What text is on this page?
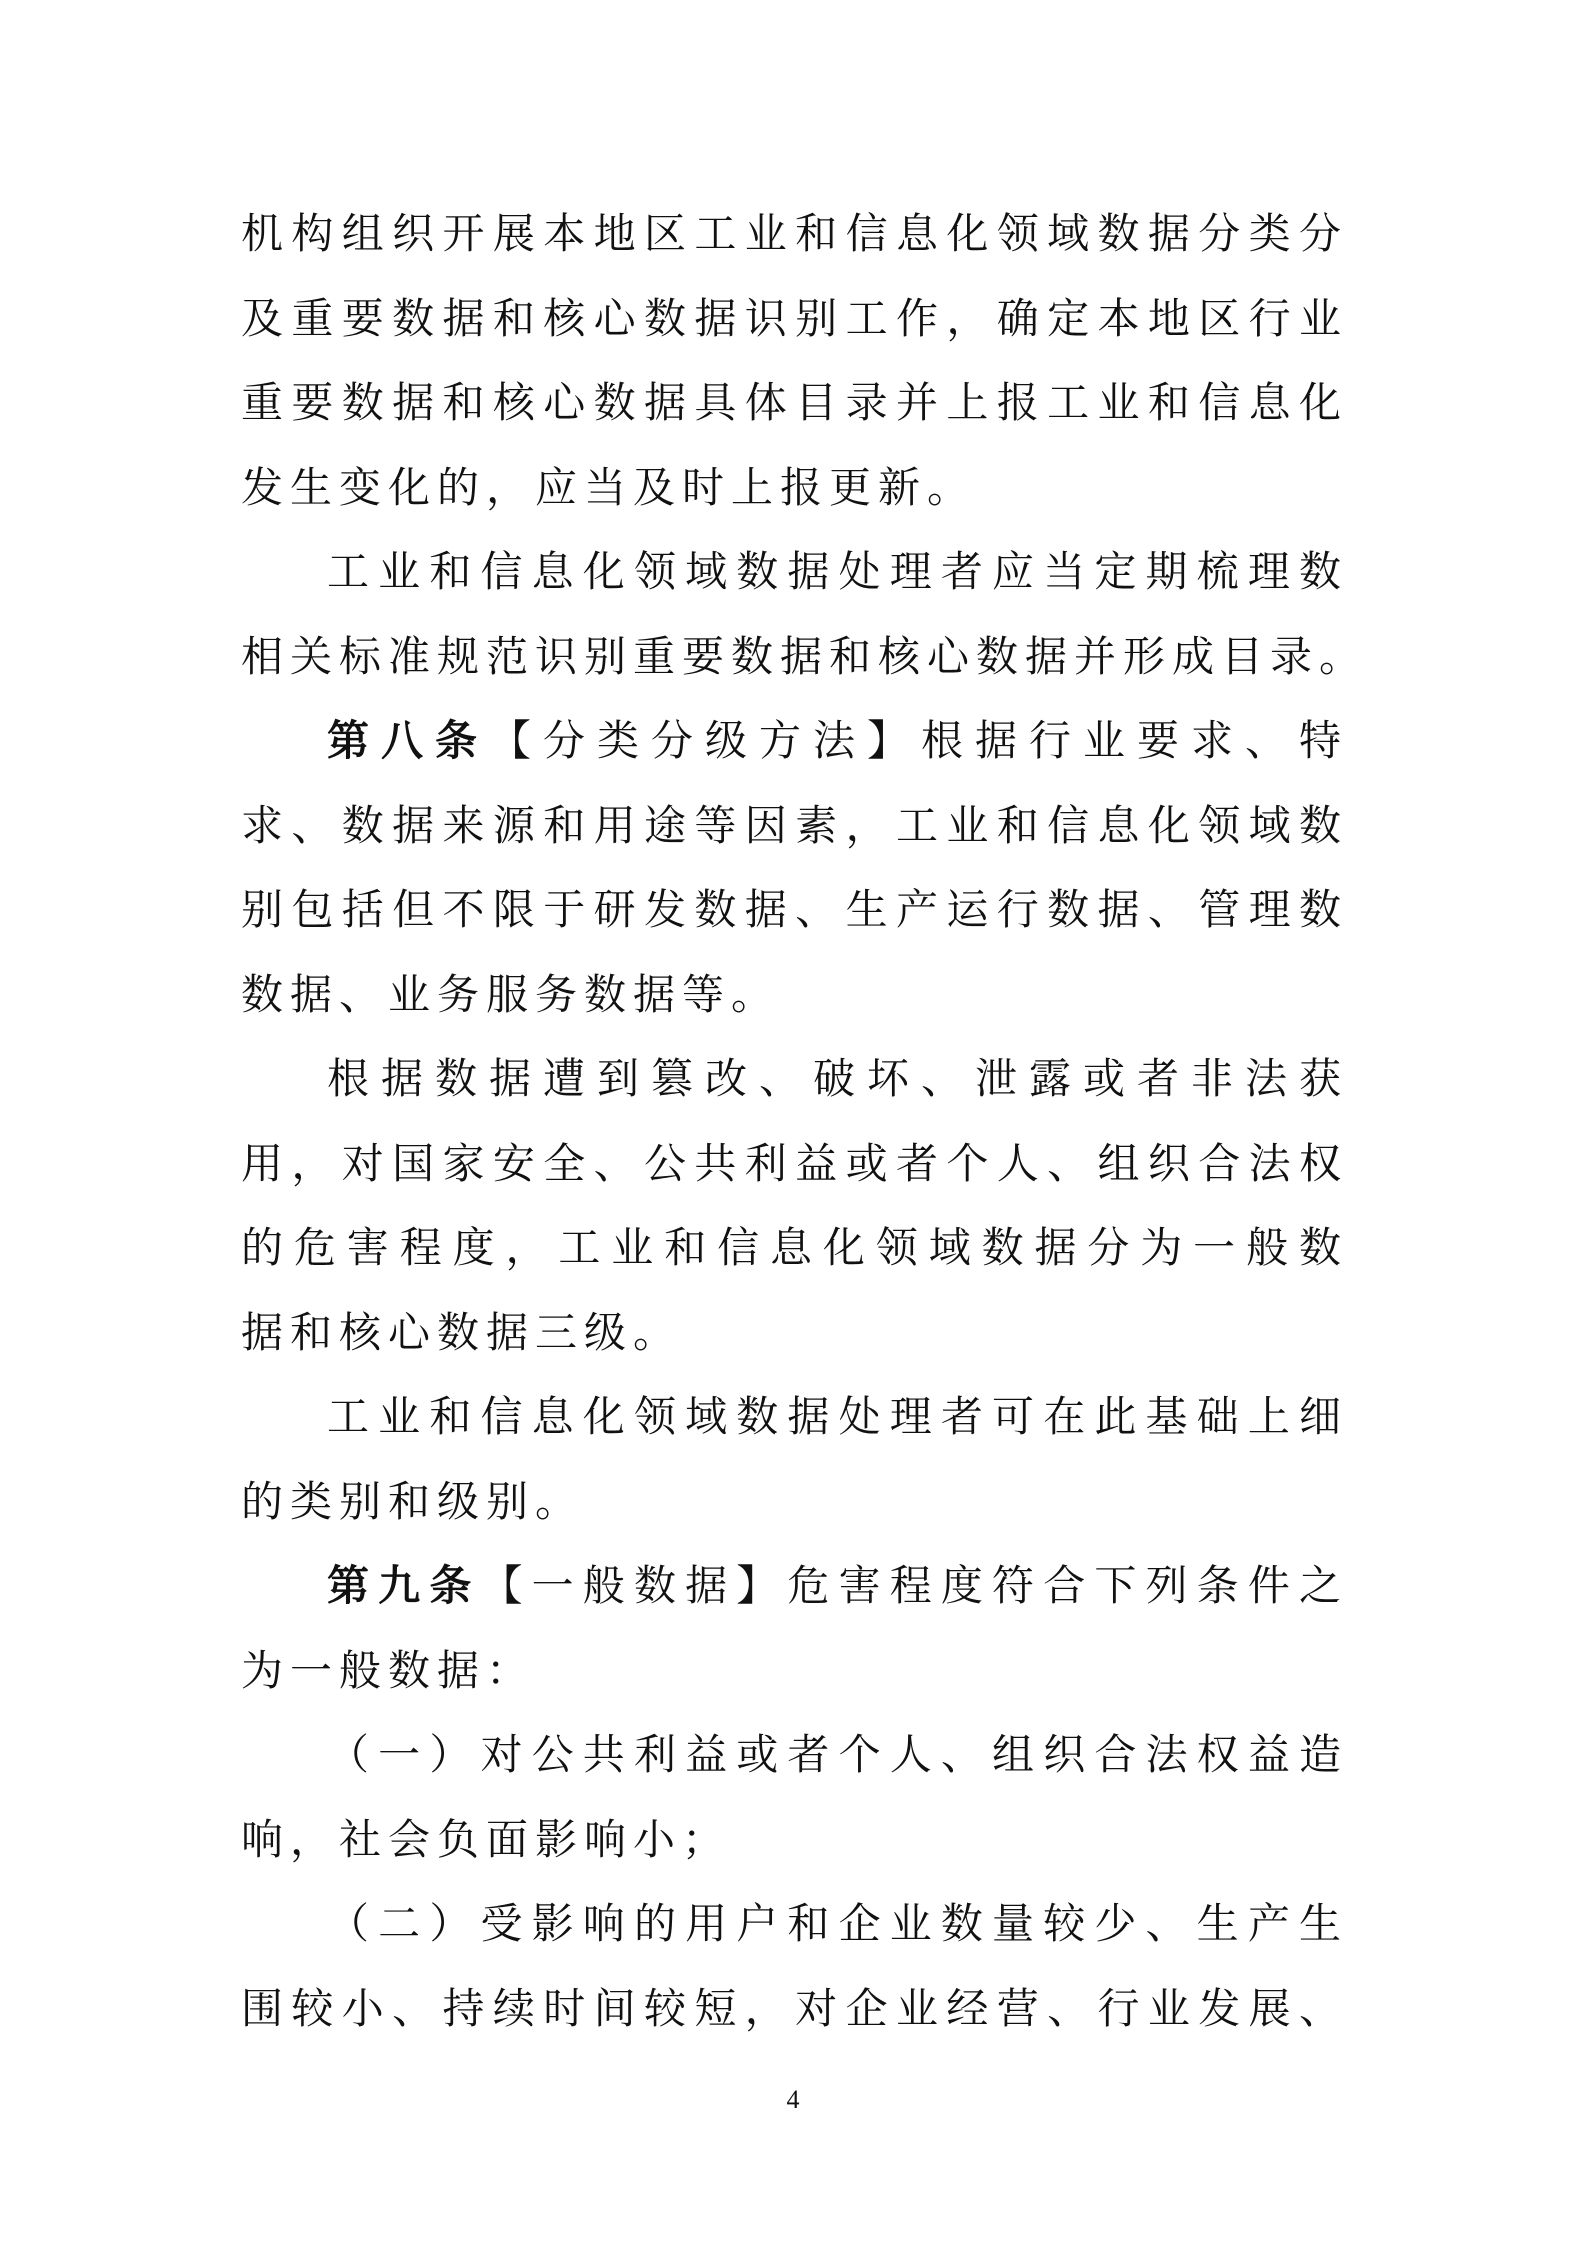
机构组织开展本地区工业和信息化领域数据分类分
及重要数据和核心数据识别工作，确定本地区行业
重要数据和核心数据具体目录并上报工业和信息化
发生变化的，应当及时上报更新。
工业和信息化领域数据处理者应当定期梳理数
相关标准规范识别重要数据和核心数据并形成目录。
第八条【分类分级方法】根据行业要求、特
求、数据来源和用途等因素，工业和信息化领域数
别包括但不限于研发数据、生产运行数据、管理数
数据、业务服务数据等。
根据数据遭到篡改、破坏、泄露或者非法获
用，对国家安全、公共利益或者个人、组织合法权
的危害程度，工业和信息化领域数据分为一般数
据和核心数据三级。
工业和信息化领域数据处理者可在此基础上细
的类别和级别。
第九条【一般数据】危害程度符合下列条件之
为一般数据：
（一）对公共利益或者个人、组织合法权益造
响，社会负面影响小；
（二）受影响的用户和企业数量较少、生产生
围较小、持续时间较短，对企业经营、行业发展、
4
